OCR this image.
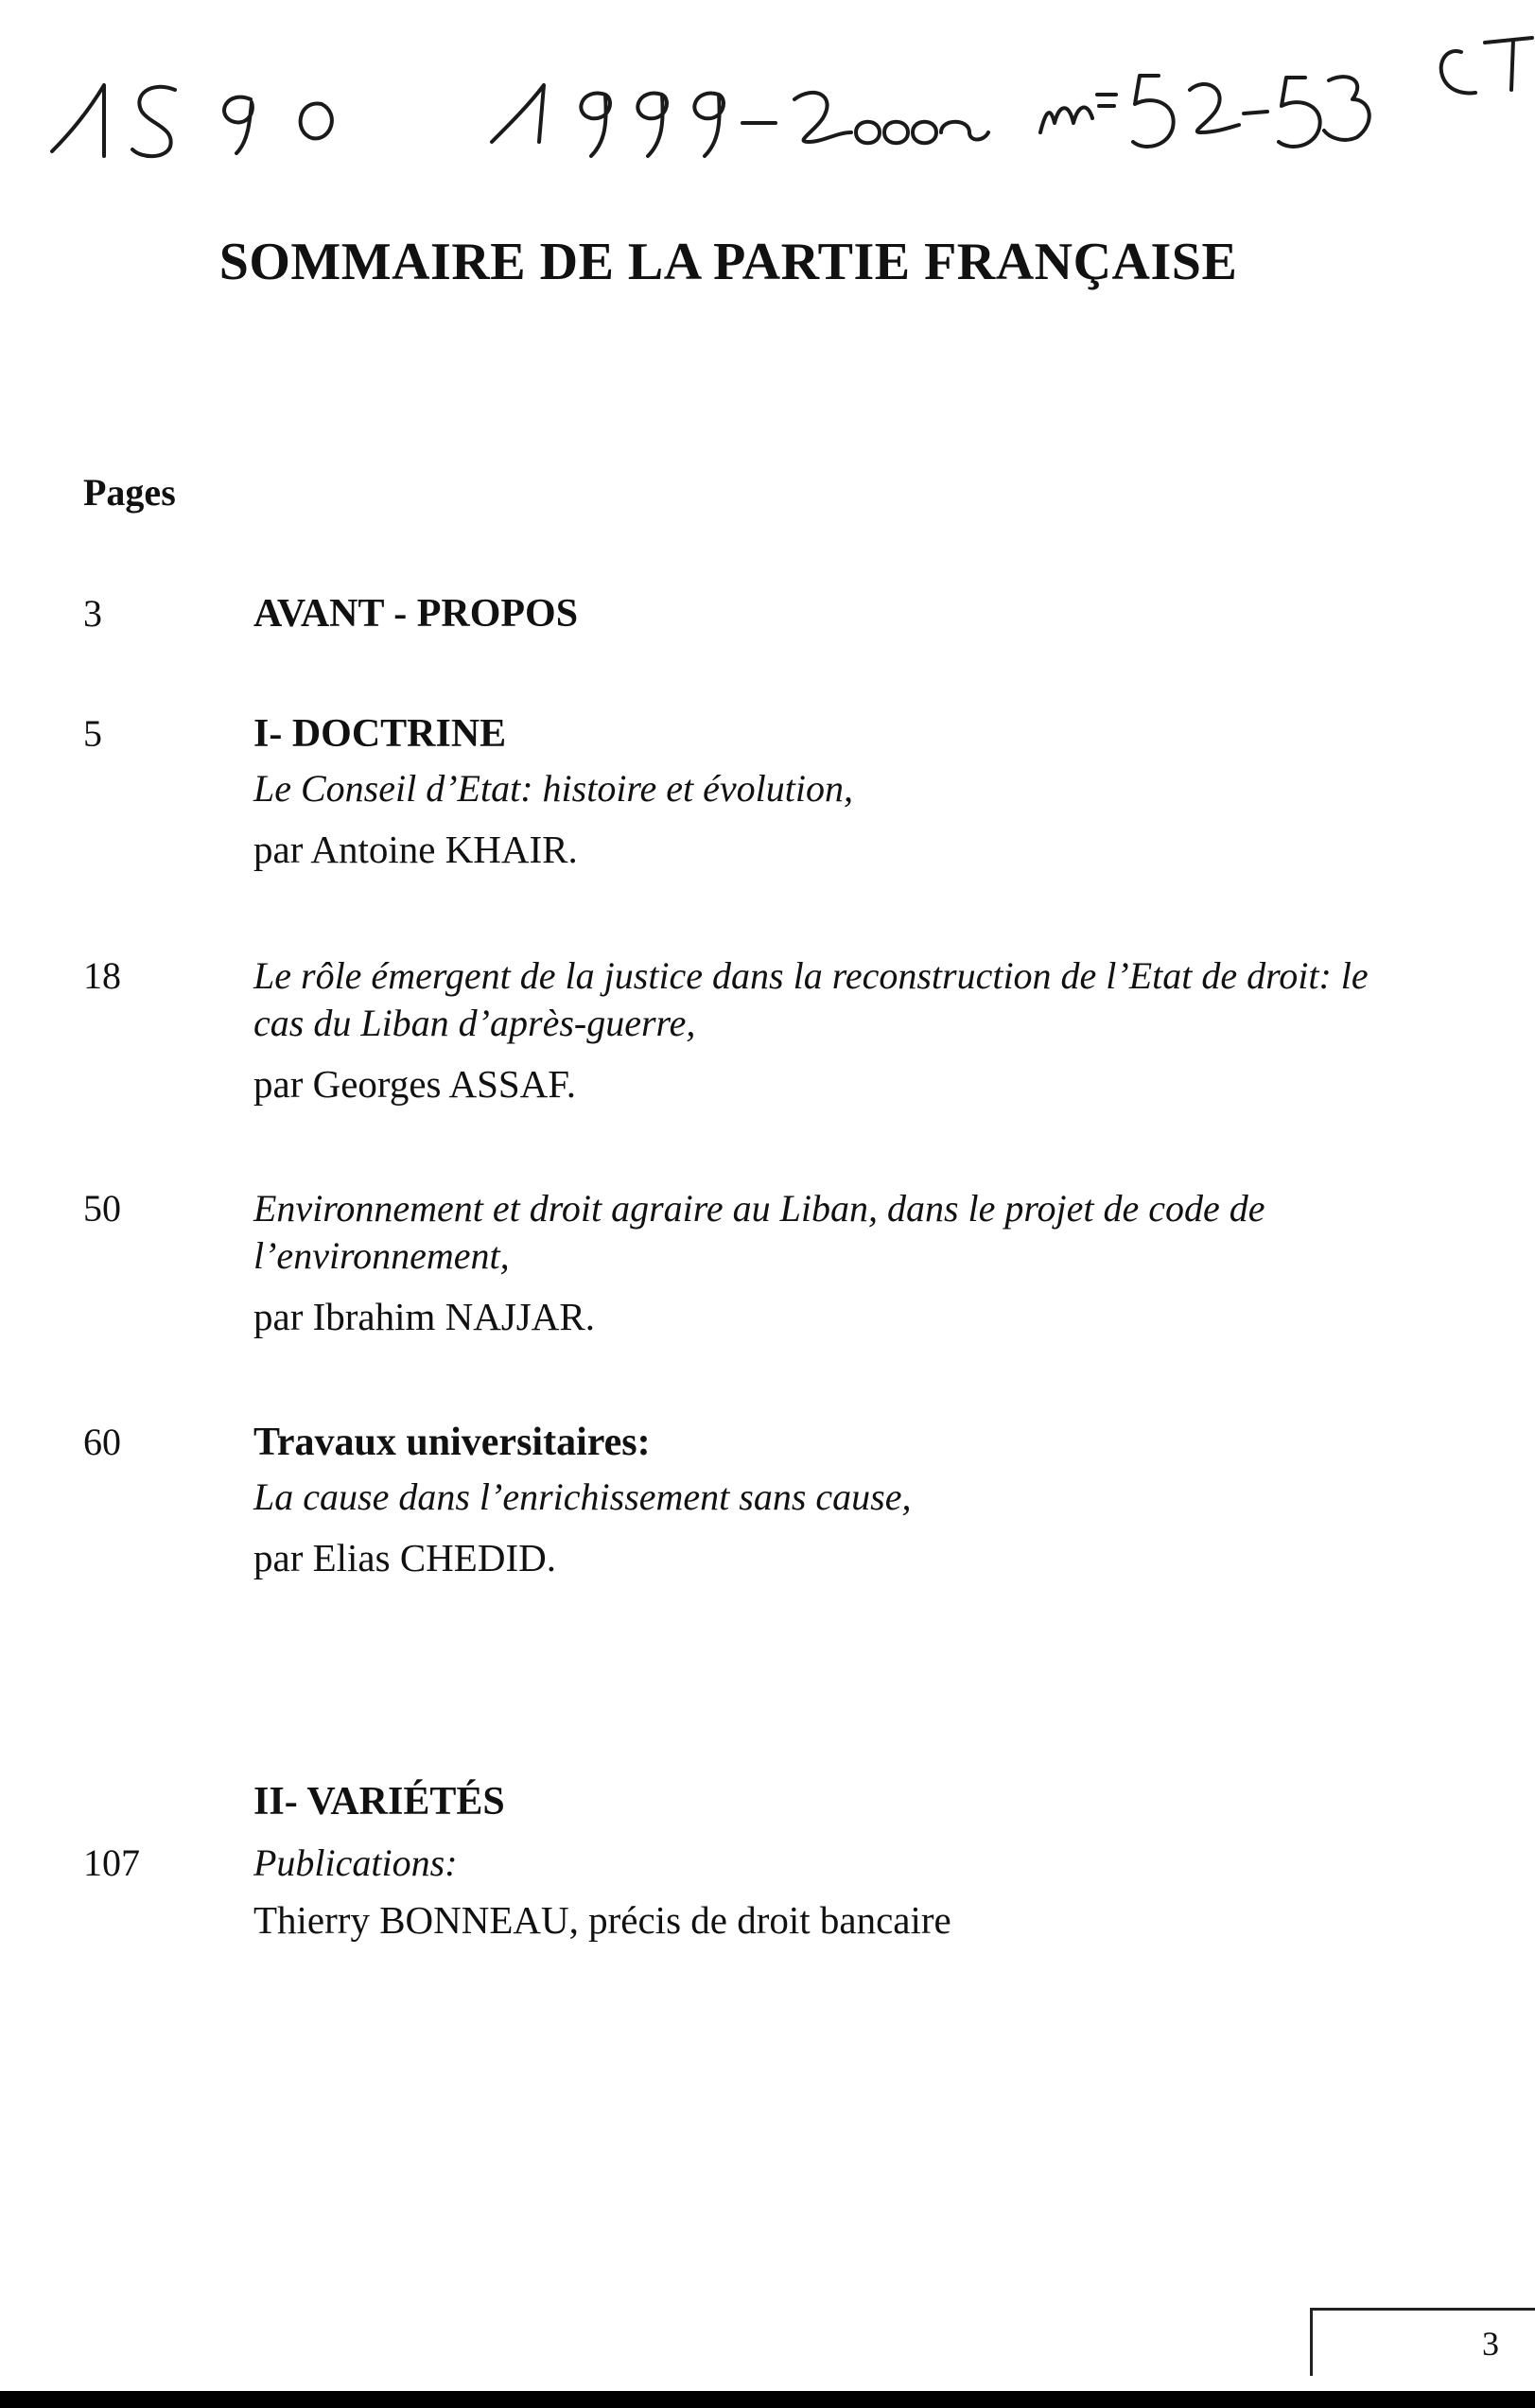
SOMMAIRE DE LA PARTIE FRANÇAISE
Pages
3	AVANT - PROPOS

5	I- DOCTRINE

Le Conseil d’Etat: histoire et évolution,

par Antoine KHAIR.

18	Le rôle émergent de la justice dans la reconstruction de l’Etat de droit: le cas du Liban d’après-guerre,

par Georges ASSAF.

50	Environnement et droit agraire au Liban, dans le projet de code de l’environnement,

par Ibrahim NAJJAR.

60	Travaux universitaires:

La cause dans l’enrichissement sans cause,

par Elias CHEDID.

II- VARIÉTÉS

107	Publications:

Thierry BONNEAU, précis de droit bancaire

3
